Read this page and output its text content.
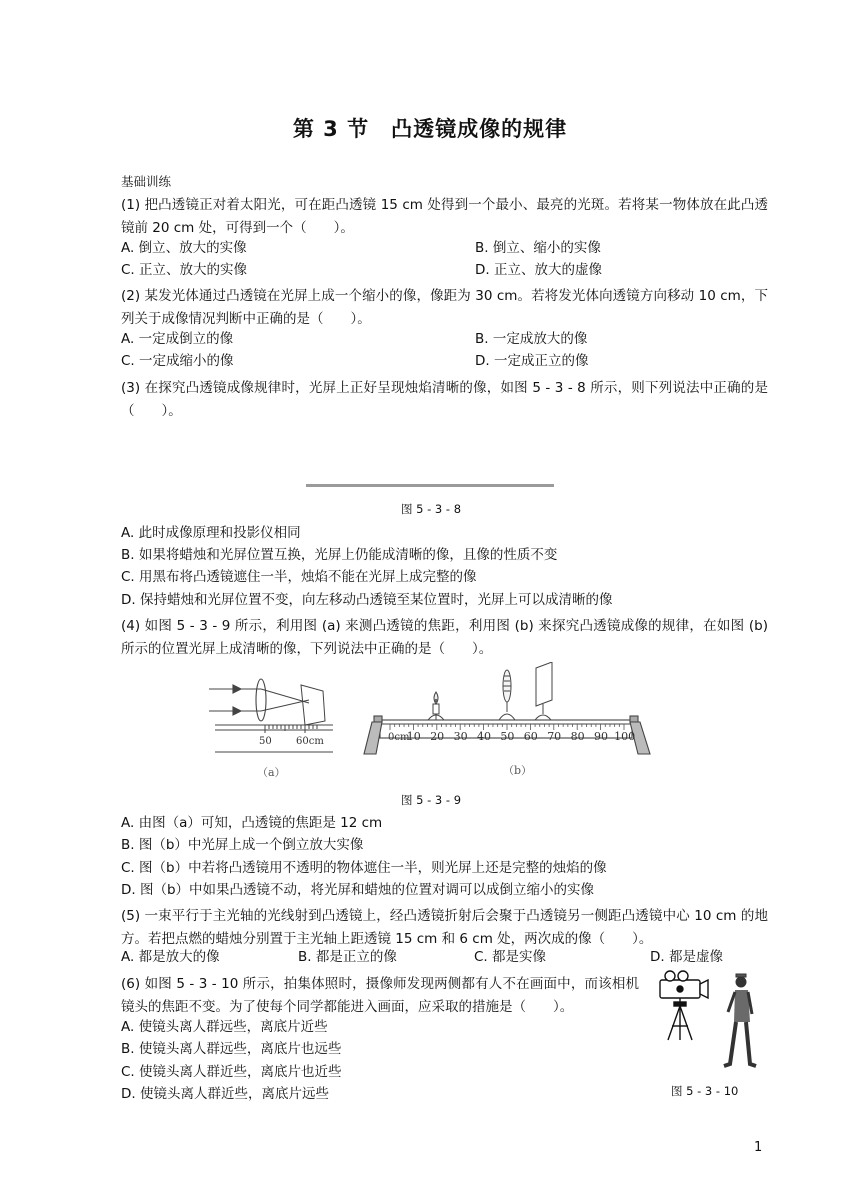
第 3 节　凸透镜成像的规律
基础训练
(1) 把凸透镜正对着太阳光，可在距凸透镜 15 cm 处得到一个最小、最亮的光斑。若将某一物体放在此凸透镜前 20 cm 处，可得到一个（　　）。
A. 倒立、放大的实像	B. 倒立、缩小的实像
C. 正立、放大的实像	D. 正立、放大的虚像
(2) 某发光体通过凸透镜在光屏上成一个缩小的像，像距为 30 cm。若将发光体向透镜方向移动 10 cm，下列关于成像情况判断中正确的是（　　）。
A. 一定成倒立的像	B. 一定成放大的像
C. 一定成缩小的像	D. 一定成正立的像
(3) 在探究凸透镜成像规律时，光屏上正好呈现烛焰清晰的像，如图 5 - 3 - 8 所示，则下列说法中正确的是（　　）。
图 5 - 3 - 8
A. 此时成像原理和投影仪相同
B. 如果将蜡烛和光屏位置互换，光屏上仍能成清晰的像，且像的性质不变
C. 用黑布将凸透镜遮住一半，烛焰不能在光屏上成完整的像
D. 保持蜡烛和光屏位置不变，向左移动凸透镜至某位置时，光屏上可以成清晰的像
(4) 如图 5 - 3 - 9 所示，利用图 (a) 来测凸透镜的焦距，利用图 (b) 来探究凸透镜成像的规律，在如图 (b) 所示的位置光屏上成清晰的像，下列说法中正确的是（　　）。
50 60cm
（a）
0cm
10 20 30 40 50 60 70 80 90 100
（b）
图 5 - 3 - 9
A. 由图（a）可知，凸透镜的焦距是 12 cm
B. 图（b）中光屏上成一个倒立放大实像
C. 图（b）中若将凸透镜用不透明的物体遮住一半，则光屏上还是完整的烛焰的像
D. 图（b）中如果凸透镜不动，将光屏和蜡烛的位置对调可以成倒立缩小的实像
(5) 一束平行于主光轴的光线射到凸透镜上，经凸透镜折射后会聚于凸透镜另一侧距凸透镜中心 10 cm 的地方。若把点燃的蜡烛分别置于主光轴上距透镜 15 cm 和 6 cm 处，两次成的像（　　）。
A. 都是放大的像	B. 都是正立的像	C. 都是实像	D. 都是虚像
(6) 如图 5 - 3 - 10 所示，拍集体照时，摄像师发现两侧都有人不在画面中，而该相机镜头的焦距不变。为了使每个同学都能进入画面，应采取的措施是（　　）。
A. 使镜头离人群远些，离底片近些
B. 使镜头离人群远些，离底片也远些
C. 使镜头离人群近些，离底片也近些
D. 使镜头离人群近些，离底片远些	图 5 - 3 - 10
1
